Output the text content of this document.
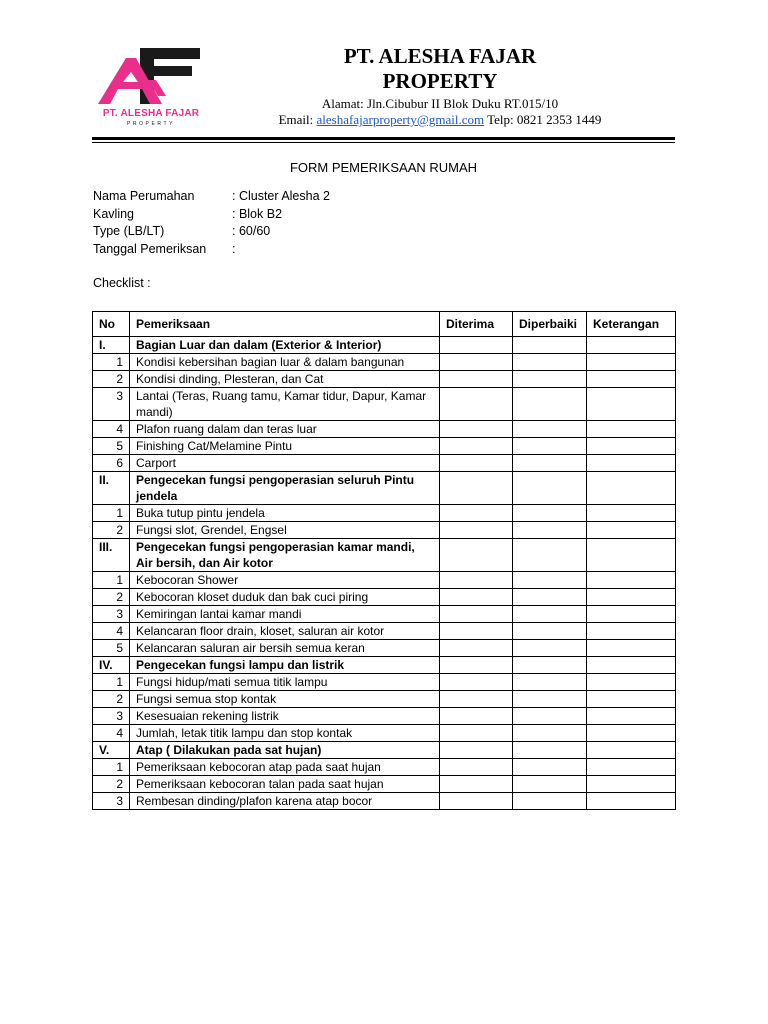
PT. ALESHA FAJAR
PROPERTY
PT. ALESHA FAJAR
PROPERTY
Alamat: Jln.Cibubur II Blok Duku RT.015/10
Email: aleshafajarproperty@gmail.com Telp: 0821 2353 1449
FORM PEMERIKSAAN RUMAH
Nama Perumahan	: Cluster Alesha 2
Kavling	: Blok B2
Type (LB/LT)	: 60/60
Tanggal Pemeriksan :
Checklist :
No	Pemeriksaan	Diterima	Diperbaiki	Keterangan
I.	Bagian Luar dan dalam (Exterior & Interior)			
1	Kondisi kebersihan bagian luar & dalam bangunan			
2	Kondisi dinding, Plesteran, dan Cat			
3	Lantai (Teras, Ruang tamu, Kamar tidur, Dapur, Kamar mandi)			
4	Plafon ruang dalam dan teras luar			
5	Finishing Cat/Melamine Pintu			
6	Carport			
II.	Pengecekan fungsi pengoperasian seluruh Pintu jendela			
1	Buka tutup pintu jendela			
2	Fungsi slot, Grendel, Engsel			
III.	Pengecekan fungsi pengoperasian kamar mandi, Air bersih, dan Air kotor			
1	Kebocoran Shower			
2	Kebocoran kloset duduk dan bak cuci piring			
3	Kemiringan lantai kamar mandi			
4	Kelancaran floor drain, kloset, saluran air kotor			
5	Kelancaran saluran air bersih semua keran			
IV.	Pengecekan fungsi lampu dan listrik			
1	Fungsi hidup/mati semua titik lampu			
2	Fungsi semua stop kontak			
3	Kesesuaian rekening listrik			
4	Jumlah, letak titik lampu dan stop kontak			
V.	Atap ( Dilakukan pada sat hujan)			
1	Pemeriksaan kebocoran atap pada saat hujan			
2	Pemeriksaan kebocoran talan pada saat hujan			
3	Rembesan dinding/plafon karena atap bocor			
